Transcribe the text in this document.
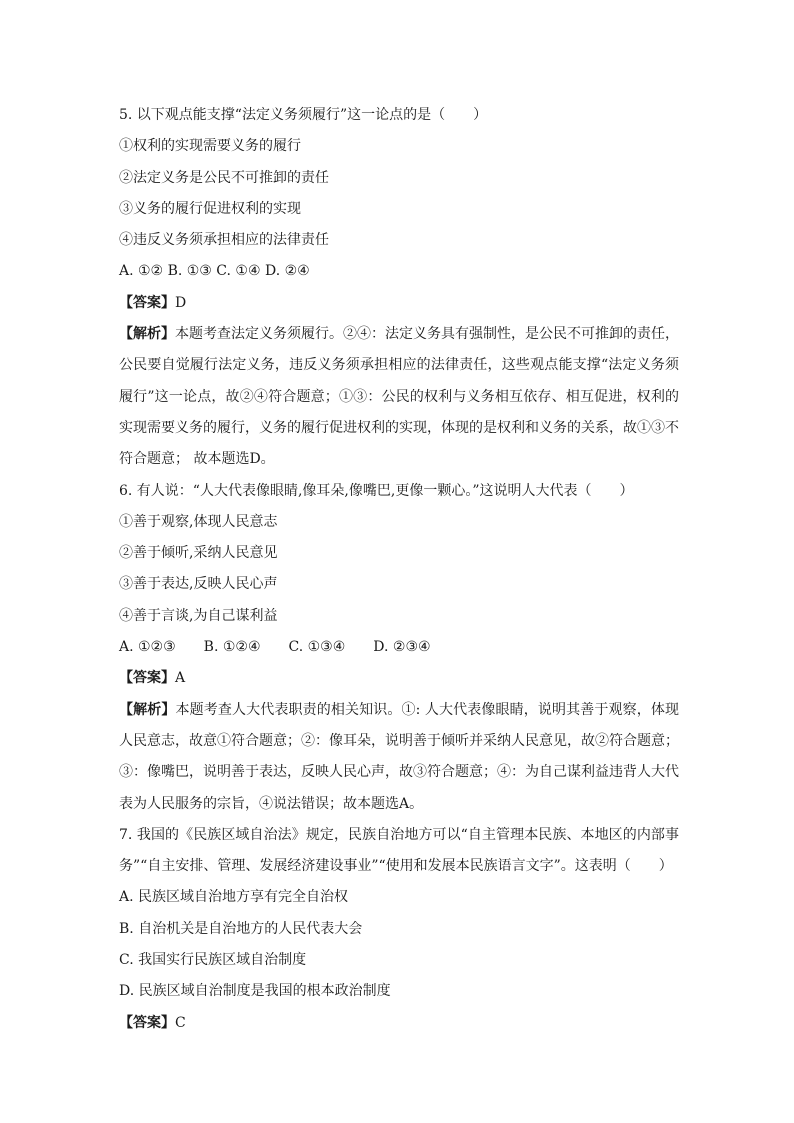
5. 以下观点能支撑“法定义务须履行”这一论点的是（　　）
①权利的实现需要义务的履行
②法定义务是公民不可推卸的责任
③义务的履行促进权利的实现
④违反义务须承担相应的法律责任
A. ①② B. ①③ C. ①④ D. ②④
【答案】D
【解析】本题考查法定义务须履行。②④：法定义务具有强制性，是公民不可推卸的责任，公民要自觉履行法定义务，违反义务须承担相应的法律责任，这些观点能支撑“法定义务须履行”这一论点，故②④符合题意；①③：公民的权利与义务相互依存、相互促进，权利的实现需要义务的履行，义务的履行促进权利的实现，体现的是权利和义务的关系，故①③不符合题意； 故本题选D。
6. 有人说：“人大代表像眼睛,像耳朵,像嘴巴,更像一颗心。”这说明人大代表（　　）
①善于观察,体现人民意志
②善于倾听,采纳人民意见
③善于表达,反映人民心声
④善于言谈,为自己谋利益
A. ①②③　　B. ①②④　　C. ①③④　　D. ②③④
【答案】A
【解析】本题考查人大代表职责的相关知识。①: 人大代表像眼睛，说明其善于观察，体现人民意志，故意①符合题意；②：像耳朵，说明善于倾听并采纳人民意见，故②符合题意；③：像嘴巴，说明善于表达，反映人民心声，故③符合题意；④：为自己谋利益违背人大代表为人民服务的宗旨，④说法错误；故本题选A。
7. 我国的《民族区域自治法》规定，民族自治地方可以“自主管理本民族、本地区的内部事务”“自主安排、管理、发展经济建设事业”“使用和发展本民族语言文字”。这表明（　　）
A. 民族区域自治地方享有完全自治权
B. 自治机关是自治地方的人民代表大会
C. 我国实行民族区域自治制度
D. 民族区域自治制度是我国的根本政治制度
【答案】C
